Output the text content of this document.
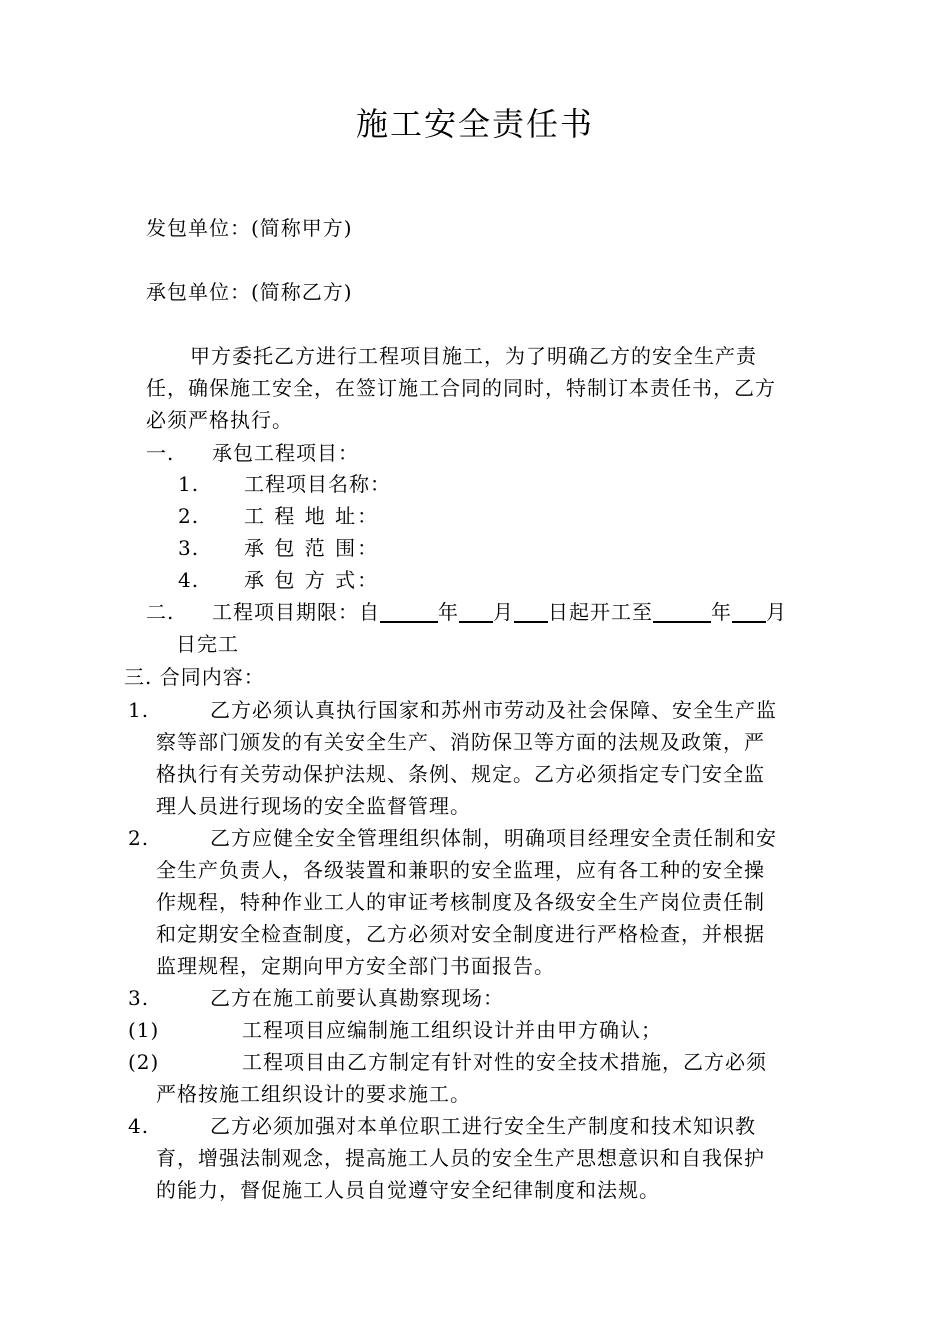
施工安全责任书
发包单位：(简称甲方)
承包单位：(简称乙方)
甲方委托乙方进行工程项目施工，为了明确乙方的安全生产责
任，确保施工安全，在签订施工合同的同时，特制订本责任书，乙方
必须严格执行。
一. 承包工程项目：
1. 工程项目名称：
2. 工 程 地 址：
3. 承 包 范 围：
4. 承 包 方 式：
二. 工程项目期限：自	年 月 日起开工至	年 月
日完工
三. 合同内容：
1.	乙方必须认真执行国家和苏州市劳动及社会保障、安全生产监
察等部门颁发的有关安全生产、消防保卫等方面的法规及政策，严
格执行有关劳动保护法规、条例、规定。乙方必须指定专门安全监
理人员进行现场的安全监督管理。
2.	乙方应健全安全管理组织体制，明确项目经理安全责任制和安
全生产负责人，各级装置和兼职的安全监理，应有各工种的安全操
作规程，特种作业工人的审证考核制度及各级安全生产岗位责任制
和定期安全检查制度，乙方必须对安全制度进行严格检查，并根据
监理规程，定期向甲方安全部门书面报告。
3.	乙方在施工前要认真勘察现场：
(1)	工程项目应编制施工组织设计并由甲方确认；
(2)	工程项目由乙方制定有针对性的安全技术措施，乙方必须
严格按施工组织设计的要求施工。
4.	乙方必须加强对本单位职工进行安全生产制度和技术知识教
育，增强法制观念，提高施工人员的安全生产思想意识和自我保护
的能力，督促施工人员自觉遵守安全纪律制度和法规。
